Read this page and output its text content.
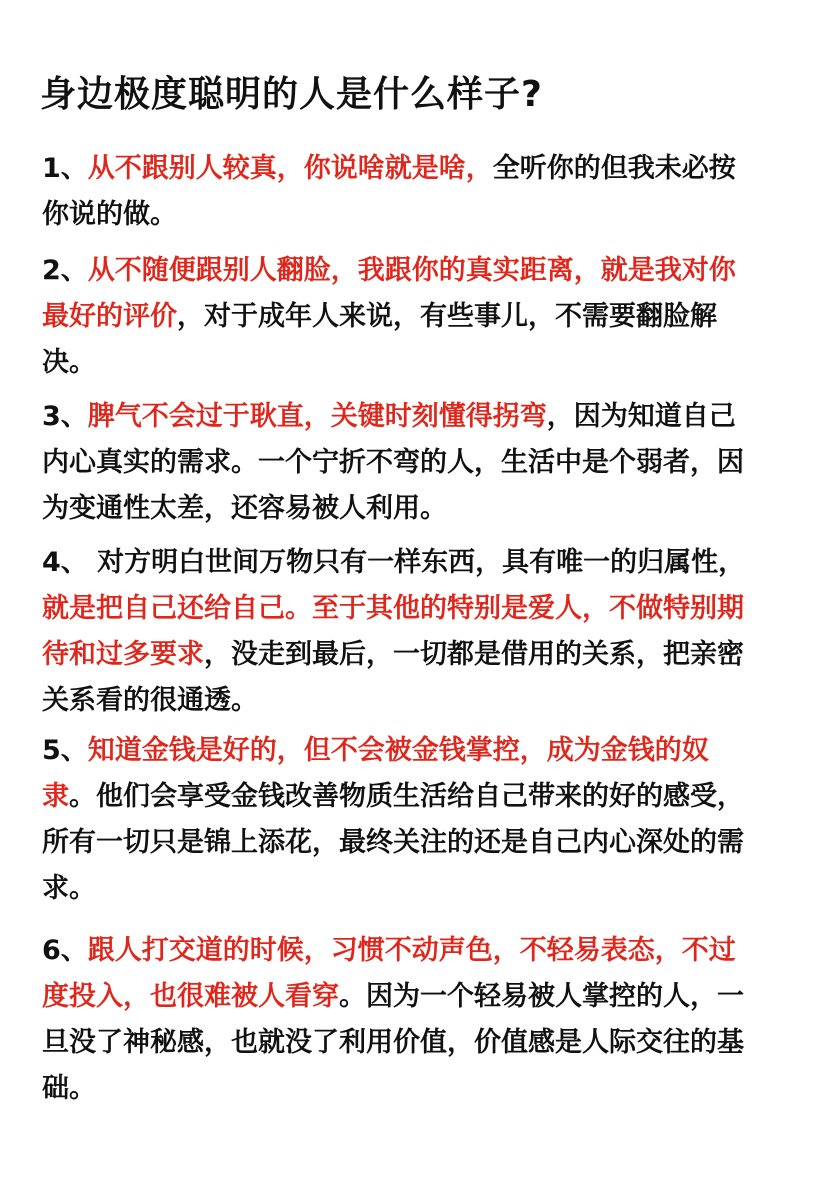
身边极度聪明的人是什么样子?
1、从不跟别人较真，你说啥就是啥，全听你的但我未必按你说的做。
2、从不随便跟别人翻脸，我跟你的真实距离，就是我对你最好的评价，对于成年人来说，有些事儿，不需要翻脸解决。
3、脾气不会过于耿直，关键时刻懂得拐弯，因为知道自己内心真实的需求。一个宁折不弯的人，生活中是个弱者，因为变通性太差，还容易被人利用。
4、 对方明白世间万物只有一样东西，具有唯一的归属性，就是把自己还给自己。至于其他的特别是爱人，不做特别期待和过多要求，没走到最后，一切都是借用的关系，把亲密关系看的很通透。
5、知道金钱是好的，但不会被金钱掌控，成为金钱的奴隶。他们会享受金钱改善物质生活给自己带来的好的感受，所有一切只是锦上添花，最终关注的还是自己内心深处的需求。
6、跟人打交道的时候，习惯不动声色，不轻易表态，不过度投入，也很难被人看穿。因为一个轻易被人掌控的人，一旦没了神秘感，也就没了利用价值，价值感是人际交往的基础。
